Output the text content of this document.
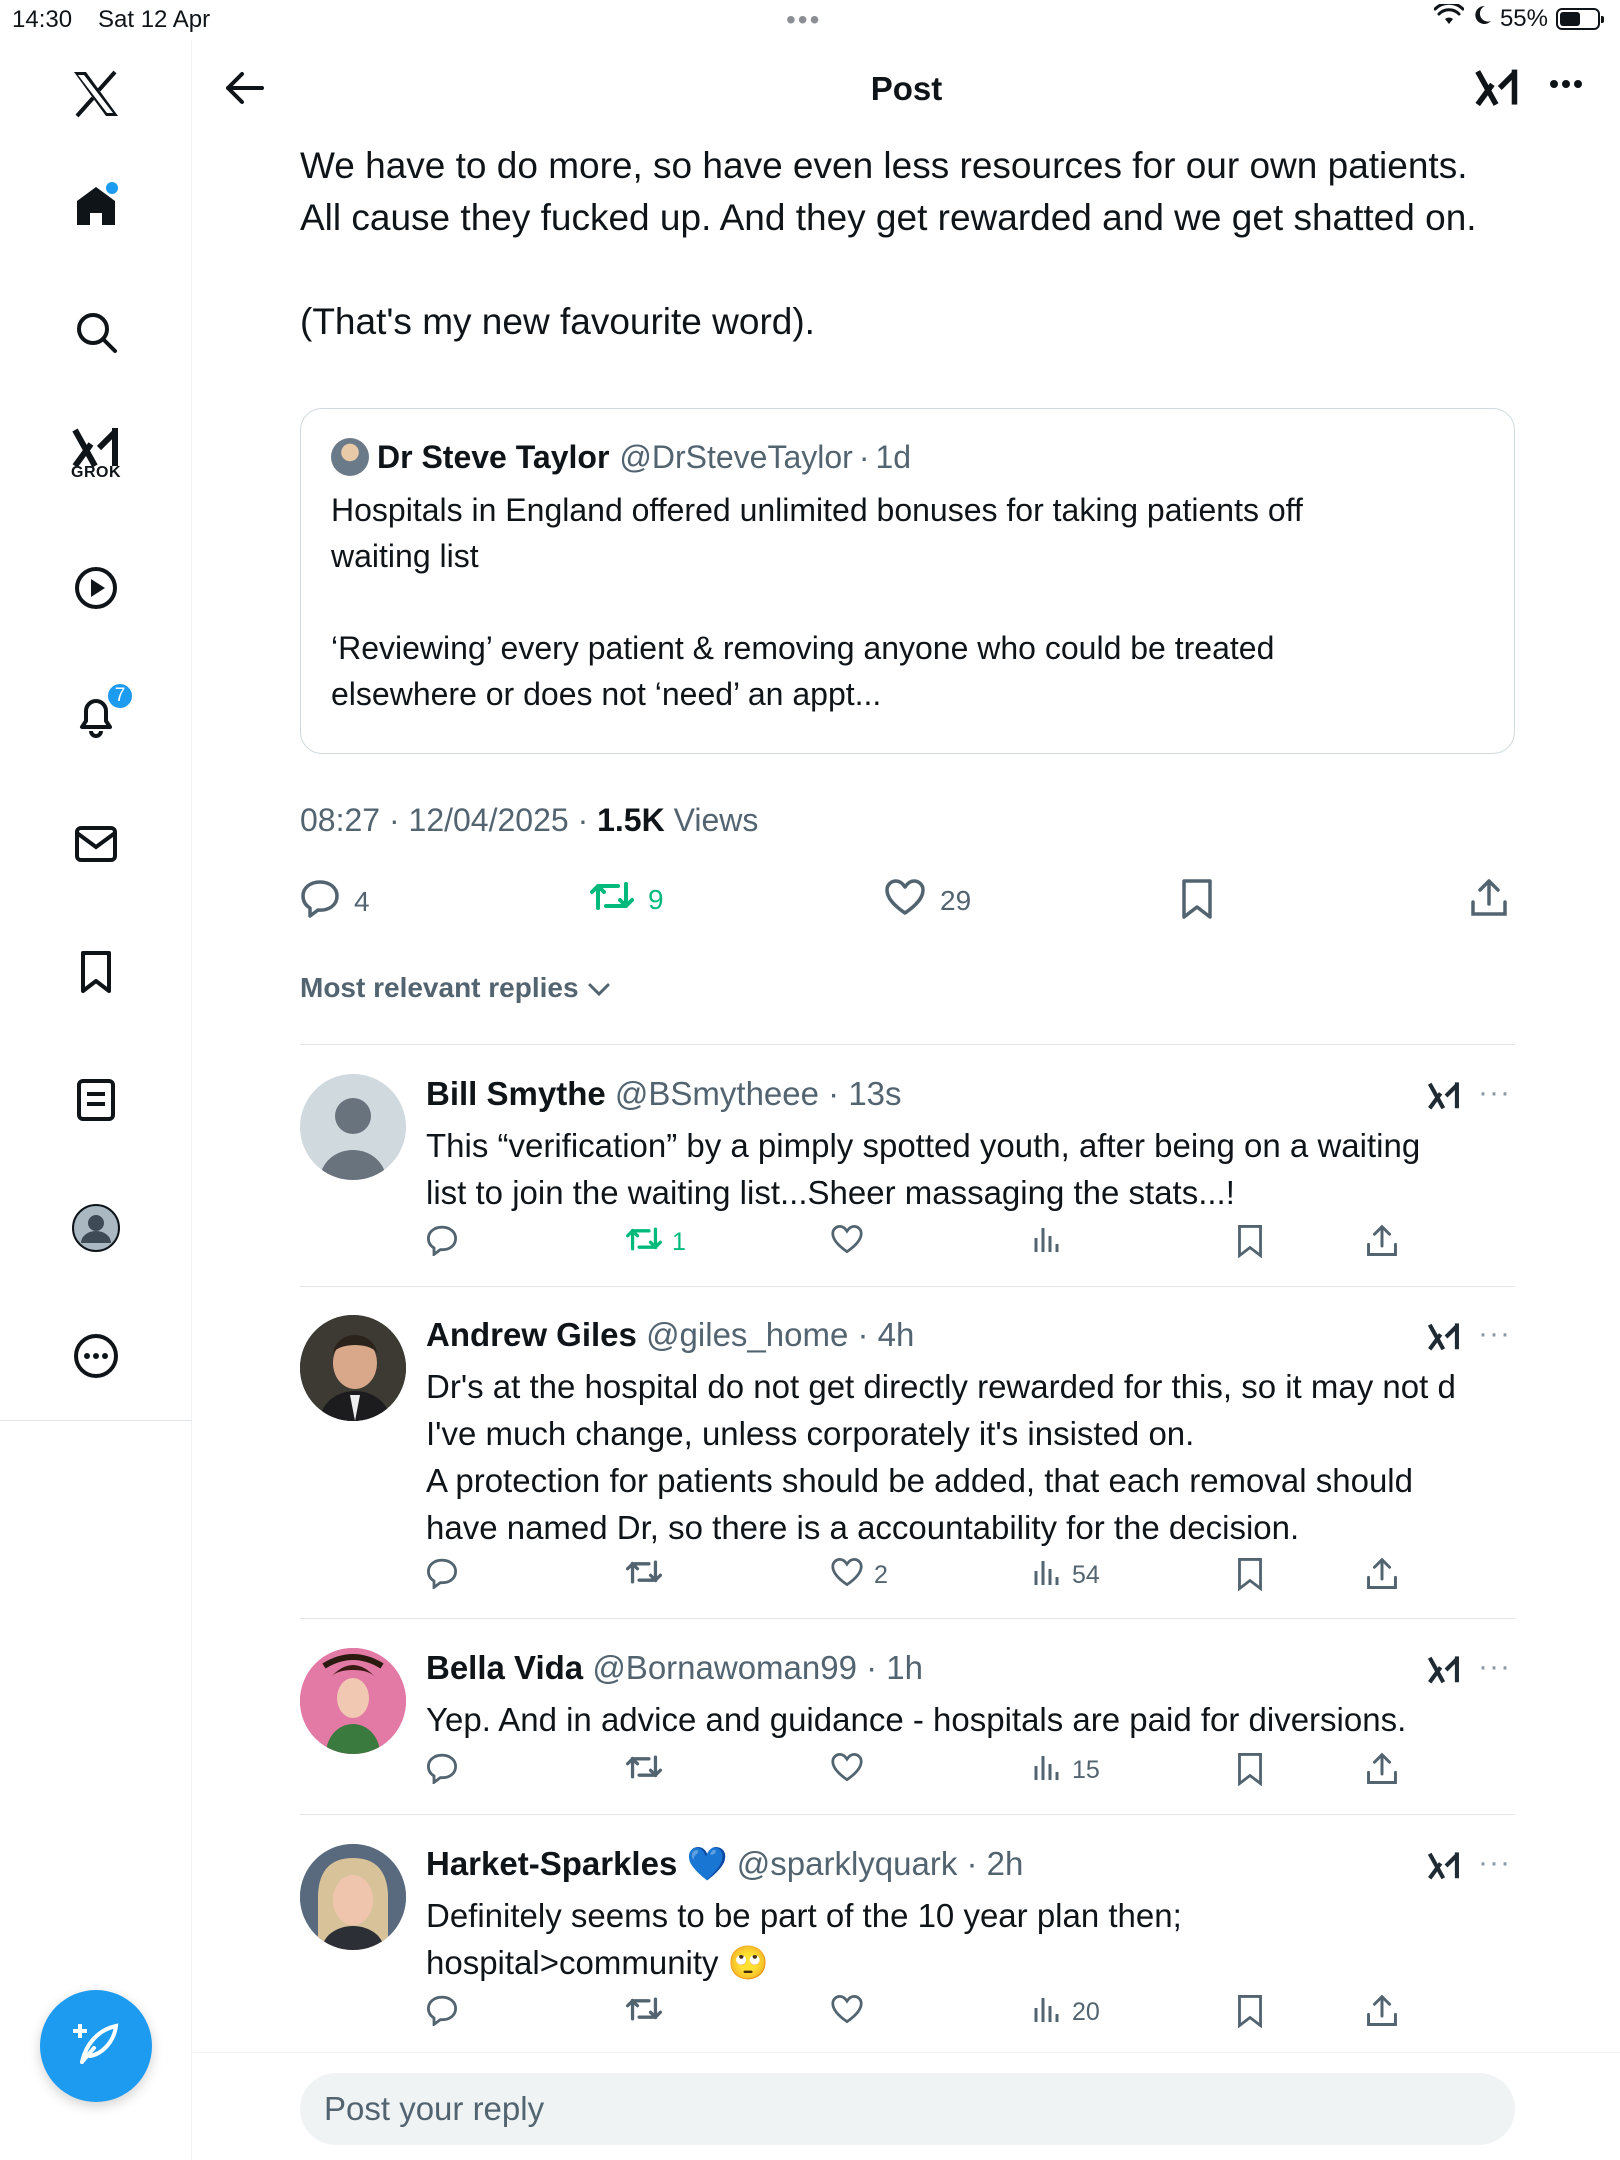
14:30 Sat 12 Apr	•••	55%
GROK
7
Post
We have to do more, so have even less resources for our own patients.
All cause they fucked up. And they get rewarded and we get shatted on.

(That's my new favourite word).
Dr Steve Taylor @DrSteveTaylor · 1d
Hospitals in England offered unlimited bonuses for taking patients off
waiting list

‘Reviewing’ every patient & removing anyone who could be treated
elsewhere or does not ‘need’ an appt...
08:27 · 12/04/2025 · 1.5K Views
4	9	29
Most relevant replies
Bill Smythe @BSmytheee · 13s
This “verification” by a pimply spotted youth, after being on a waiting
list to join the waiting list...Sheer massaging the stats...!
···
1
Andrew Giles @giles_home · 4h
Dr's at the hospital do not get directly rewarded for this, so it may not d
I've much change, unless corporately it's insisted on.
A protection for patients should be added, that each removal should
have named Dr, so there is a accountability for the decision.
···
2	54
Bella Vida @Bornawoman99 · 1h
Yep. And in advice and guidance - hospitals are paid for diversions.
···
15
Harket-Sparkles 💙 @sparklyquark · 2h
Definitely seems to be part of the 10 year plan then;
hospital>community 🙄
···
20
Post your reply
